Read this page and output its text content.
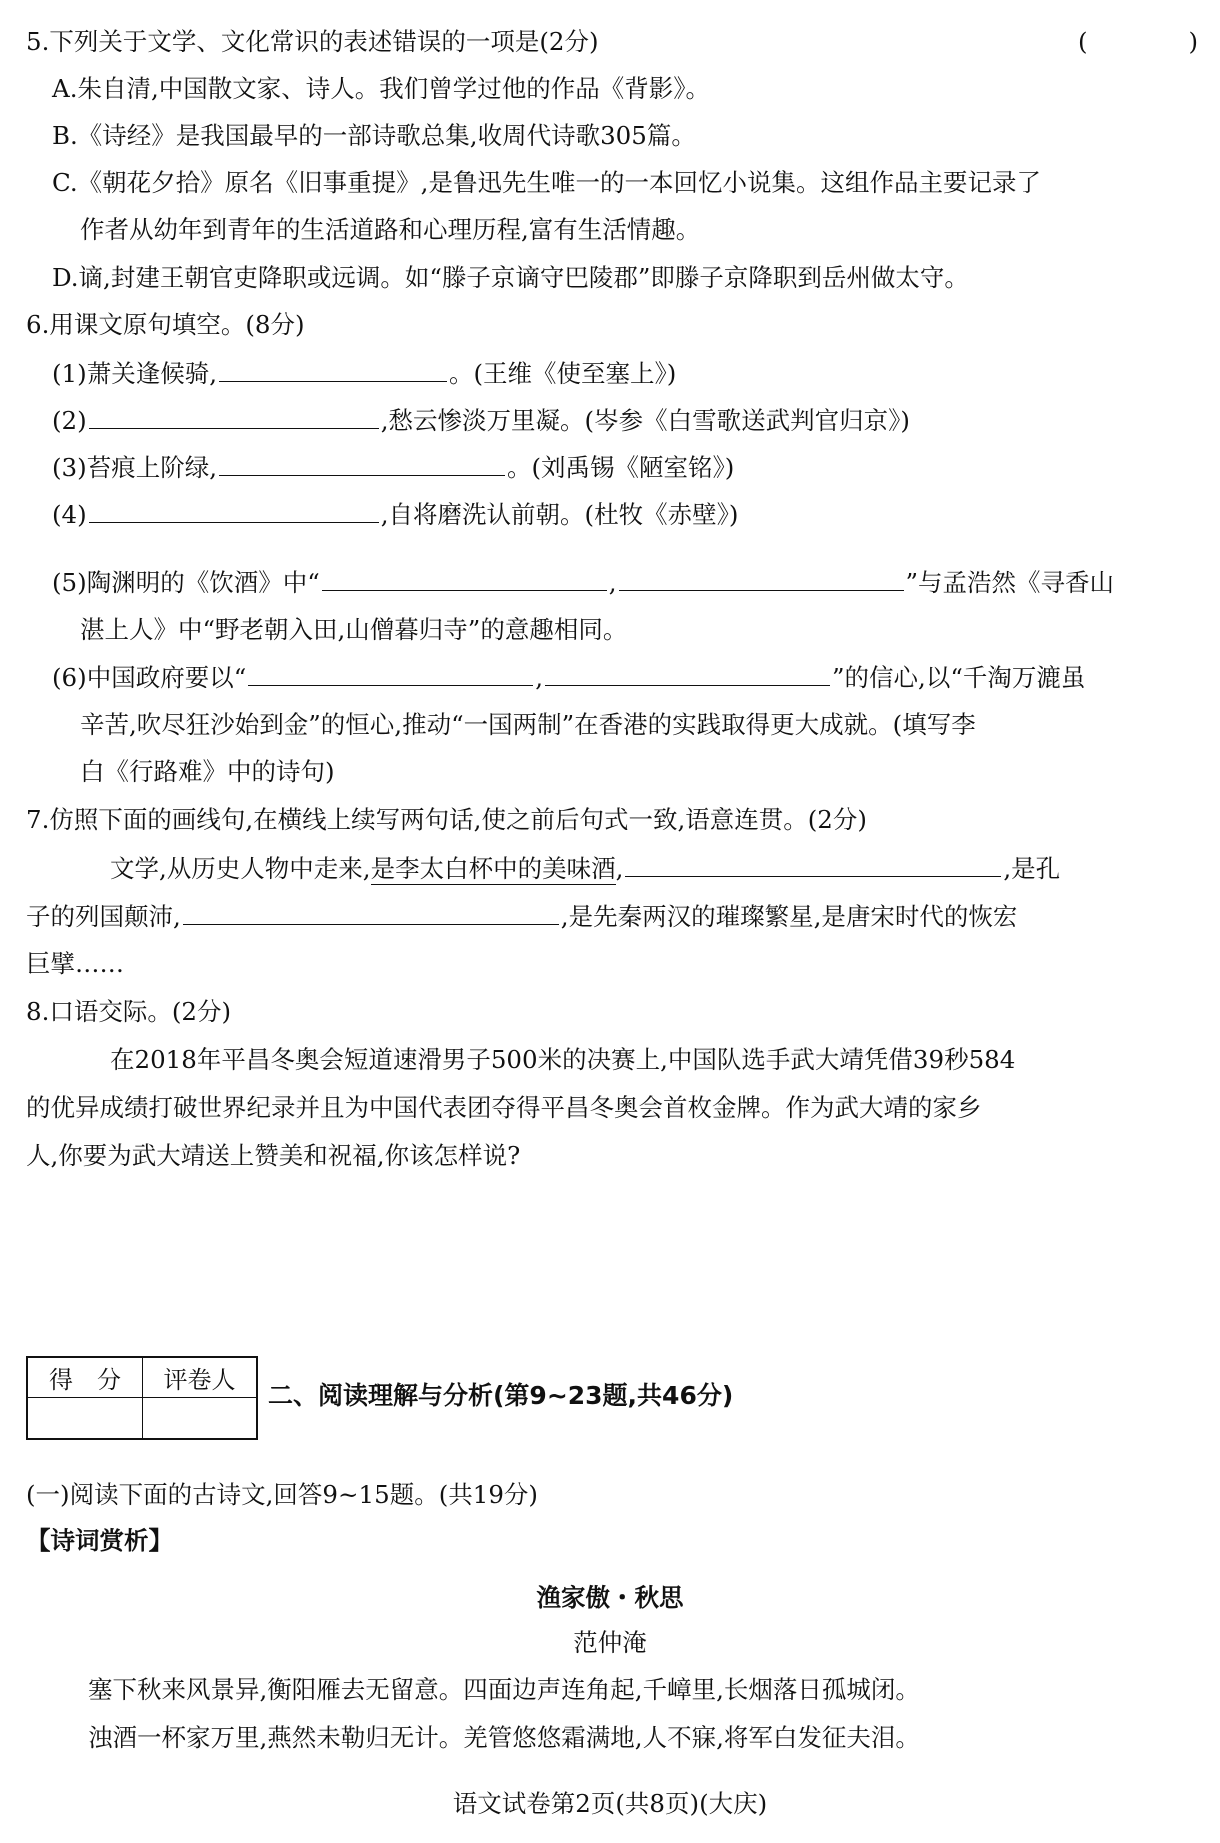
5.下列关于文学、文化常识的表述错误的一项是(2分)	(	)
A.朱自清,中国散文家、诗人。我们曾学过他的作品《背影》。
B.《诗经》是我国最早的一部诗歌总集,收周代诗歌305篇。
C.《朝花夕拾》原名《旧事重提》,是鲁迅先生唯一的一本回忆小说集。这组作品主要记录了
作者从幼年到青年的生活道路和心理历程,富有生活情趣。
D.谪,封建王朝官吏降职或远调。如“滕子京谪守巴陵郡”即滕子京降职到岳州做太守。
6.用课文原句填空。(8分)
(1)萧关逢候骑,	。(王维《使至塞上》)
(2)	,愁云惨淡万里凝。(岑参《白雪歌送武判官归京》)
(3)苔痕上阶绿,	。(刘禹锡《陋室铭》)
(4)	,自将磨洗认前朝。(杜牧《赤壁》)
(5)陶渊明的《饮酒》中“	,	”与孟浩然《寻香山
湛上人》中“野老朝入田,山僧暮归寺”的意趣相同。
(6)中国政府要以“	,	”的信心,以“千淘万漉虽
辛苦,吹尽狂沙始到金”的恒心,推动“一国两制”在香港的实践取得更大成就。(填写李
白《行路难》中的诗句)
7.仿照下面的画线句,在横线上续写两句话,使之前后句式一致,语意连贯。(2分)
文学,从历史人物中走来,是李太白杯中的美味酒,	,是孔
子的列国颠沛,	,是先秦两汉的璀璨繁星,是唐宋时代的恢宏
巨擘……
8.口语交际。(2分)
在2018年平昌冬奥会短道速滑男子500米的决赛上,中国队选手武大靖凭借39秒584
的优异成绩打破世界纪录并且为中国代表团夺得平昌冬奥会首枚金牌。作为武大靖的家乡
人,你要为武大靖送上赞美和祝福,你该怎样说?
得　分	评卷人
二、阅读理解与分析(第9~23题,共46分)
(一)阅读下面的古诗文,回答9~15题。(共19分)
【诗词赏析】
渔家傲・秋思
范仲淹
塞下秋来风景异,衡阳雁去无留意。四面边声连角起,千嶂里,长烟落日孤城闭。
浊酒一杯家万里,燕然未勒归无计。羌管悠悠霜满地,人不寐,将军白发征夫泪。
语文试卷第2页(共8页)(大庆)
